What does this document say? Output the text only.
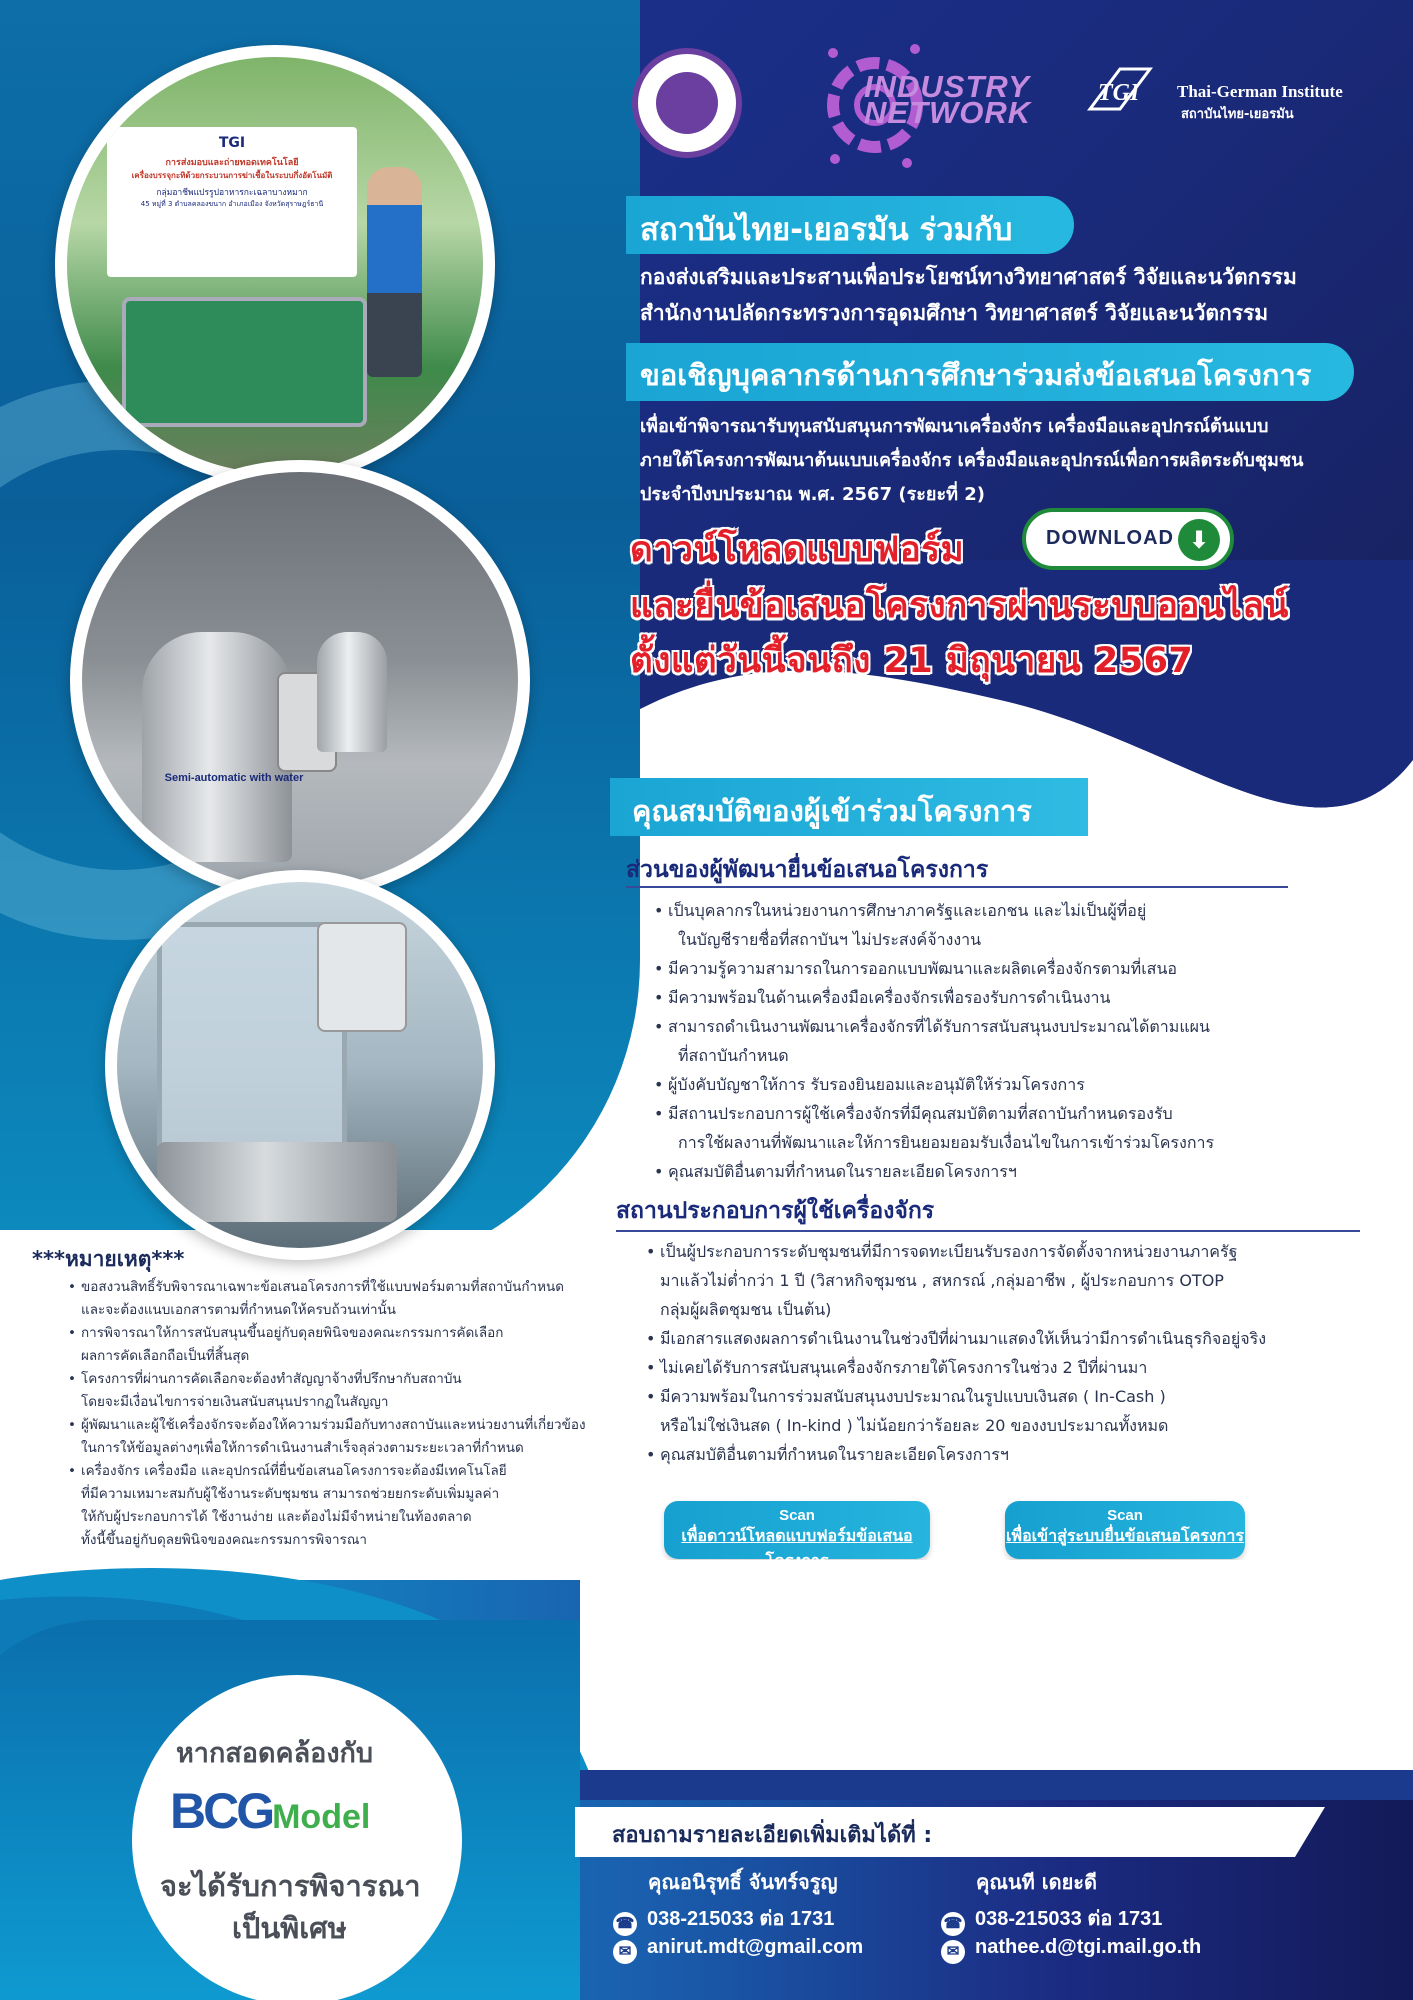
TGI
การส่งมอบและถ่ายทอดเทคโนโลยี
เครื่องบรรจุกะทิด้วยกระบวนการฆ่าเชื้อในระบบกึ่งอัตโนมัติ
กลุ่มอาชีพแปรรูปอาหารกะเฉลาบางหมาก
45 หมู่ที่ 3 ตำบลคลองขนาก อำเภอเมือง จังหวัดสุราษฎร์ธานี
Semi-automatic with water
INDUSTRY
NETWORK
TGI Thai-German Institute
สถาบันไทย-เยอรมัน
สถาบันไทย-เยอรมัน ร่วมกับ
กองส่งเสริมและประสานเพื่อประโยชน์ทางวิทยาศาสตร์ วิจัยและนวัตกรรม
สำนักงานปลัดกระทรวงการอุดมศึกษา วิทยาศาสตร์ วิจัยและนวัตกรรม
ขอเชิญบุคลากรด้านการศึกษาร่วมส่งข้อเสนอโครงการ
เพื่อเข้าพิจารณารับทุนสนับสนุนการพัฒนาเครื่องจักร เครื่องมือและอุปกรณ์ต้นแบบ
ภายใต้โครงการพัฒนาต้นแบบเครื่องจักร เครื่องมือและอุปกรณ์เพื่อการผลิตระดับชุมชน
ประจำปีงบประมาณ พ.ศ. 2567 (ระยะที่ 2)
ดาวน์โหลดแบบฟอร์ม	DOWNLOAD ⬇
และยื่นข้อเสนอโครงการผ่านระบบออนไลน์
ตั้งแต่วันนี้จนถึง 21 มิถุนายน 2567
คุณสมบัติของผู้เข้าร่วมโครงการ
ส่วนของผู้พัฒนายื่นข้อเสนอโครงการ
• เป็นบุคลากรในหน่วยงานการศึกษาภาครัฐและเอกชน และไม่เป็นผู้ที่อยู่
ในบัญชีรายชื่อที่สถาบันฯ ไม่ประสงค์จ้างงาน
• มีความรู้ความสามารถในการออกแบบพัฒนาและผลิตเครื่องจักรตามที่เสนอ
• มีความพร้อมในด้านเครื่องมือเครื่องจักรเพื่อรองรับการดำเนินงาน
• สามารถดำเนินงานพัฒนาเครื่องจักรที่ได้รับการสนับสนุนงบประมาณได้ตามแผน
ที่สถาบันกำหนด
• ผู้บังคับบัญชาให้การ รับรองยินยอมและอนุมัติให้ร่วมโครงการ
• มีสถานประกอบการผู้ใช้เครื่องจักรที่มีคุณสมบัติตามที่สถาบันกำหนดรองรับ
การใช้ผลงานที่พัฒนาและให้การยินยอมยอมรับเงื่อนไขในการเข้าร่วมโครงการ
• คุณสมบัติอื่นตามที่กำหนดในรายละเอียดโครงการฯ
สถานประกอบการผู้ใช้เครื่องจักร
• เป็นผู้ประกอบการระดับชุมชนที่มีการจดทะเบียนรับรองการจัดตั้งจากหน่วยงานภาครัฐ
มาแล้วไม่ต่ำกว่า 1 ปี (วิสาหกิจชุมชน , สหกรณ์ ,กลุ่มอาชีพ , ผู้ประกอบการ OTOP
กลุ่มผู้ผลิตชุมชน เป็นต้น)
• มีเอกสารแสดงผลการดำเนินงานในช่วงปีที่ผ่านมาแสดงให้เห็นว่ามีการดำเนินธุรกิจอยู่จริง
• ไม่เคยได้รับการสนับสนุนเครื่องจักรภายใต้โครงการในช่วง 2 ปีที่ผ่านมา
• มีความพร้อมในการร่วมสนับสนุนงบประมาณในรูปแบบเงินสด ( In-Cash )
หรือไม่ใช่เงินสด ( In-kind ) ไม่น้อยกว่าร้อยละ 20 ของงบประมาณทั้งหมด
• คุณสมบัติอื่นตามที่กำหนดในรายละเอียดโครงการฯ
***หมายเหตุ***
• ขอสงวนสิทธิ์รับพิจารณาเฉพาะข้อเสนอโครงการที่ใช้แบบฟอร์มตามที่สถาบันกำหนด
และจะต้องแนบเอกสารตามที่กำหนดให้ครบถ้วนเท่านั้น
• การพิจารณาให้การสนับสนุนขึ้นอยู่กับดุลยพินิจของคณะกรรมการคัดเลือก
ผลการคัดเลือกถือเป็นที่สิ้นสุด
• โครงการที่ผ่านการคัดเลือกจะต้องทำสัญญาจ้างที่ปรึกษากับสถาบัน
โดยจะมีเงื่อนไขการจ่ายเงินสนับสนุนปรากฏในสัญญา
• ผู้พัฒนาและผู้ใช้เครื่องจักรจะต้องให้ความร่วมมือกับทางสถาบันและหน่วยงานที่เกี่ยวข้อง
ในการให้ข้อมูลต่างๆเพื่อให้การดำเนินงานสำเร็จลุล่วงตามระยะเวลาที่กำหนด
• เครื่องจักร เครื่องมือ และอุปกรณ์ที่ยื่นข้อเสนอโครงการจะต้องมีเทคโนโลยี
ที่มีความเหมาะสมกับผู้ใช้งานระดับชุมชน สามารถช่วยยกระดับเพิ่มมูลค่า
ให้กับผู้ประกอบการได้ ใช้งานง่าย และต้องไม่มีจำหน่ายในท้องตลาด
ทั้งนี้ขึ้นอยู่กับดุลยพินิจของคณะกรรมการพิจารณา
Scan
เพื่อดาวน์โหลดแบบฟอร์มข้อเสนอ
Scan
เพื่อเข้าสู่ระบบยื่นข้อเสนอโครงการ
หากสอดคล้องกับ
BCGModel
จะได้รับการพิจารณา
เป็นพิเศษ
สอบถามรายละเอียดเพิ่มเติมได้ที่ :
คุณอนิรุทธิ์ จันทร์จรูญ
☎ 038-215033 ต่อ 1731
✉ anirut.mdt@gmail.com
คุณนที เดยะดี
☎ 038-215033 ต่อ 1731
✉ nathee.d@tgi.mail.go.th
